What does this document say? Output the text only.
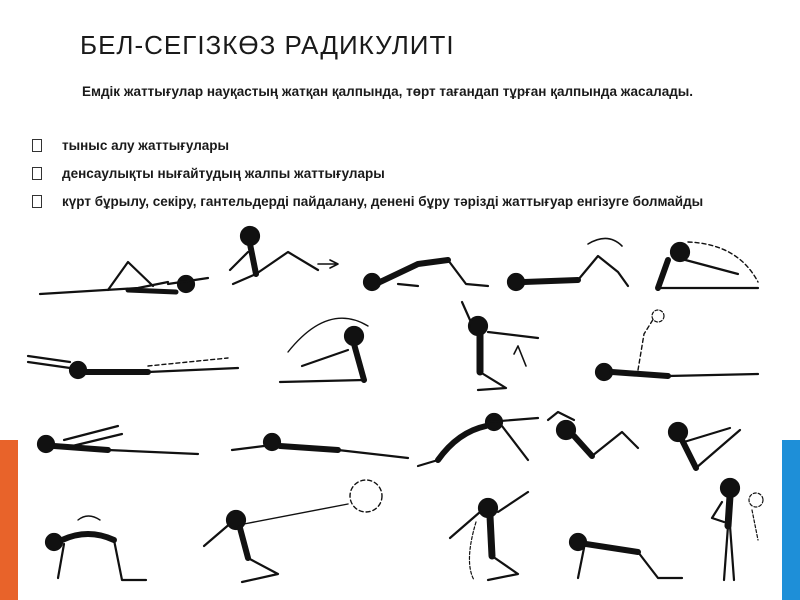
БЕЛ-СЕГІЗКӨЗ РАДИКУЛИТІ
Емдік жаттығулар науқастың жатқан қалпында, төрт тағандап тұрған қалпында жасалады.
тыныс алу жаттығулары
денсаулықты нығайтудың жалпы жаттығулары
күрт бұрылу, секіру, гантельдерді пайдалану, денені бұру тәрізді жаттығуар енгізуге болмайды
